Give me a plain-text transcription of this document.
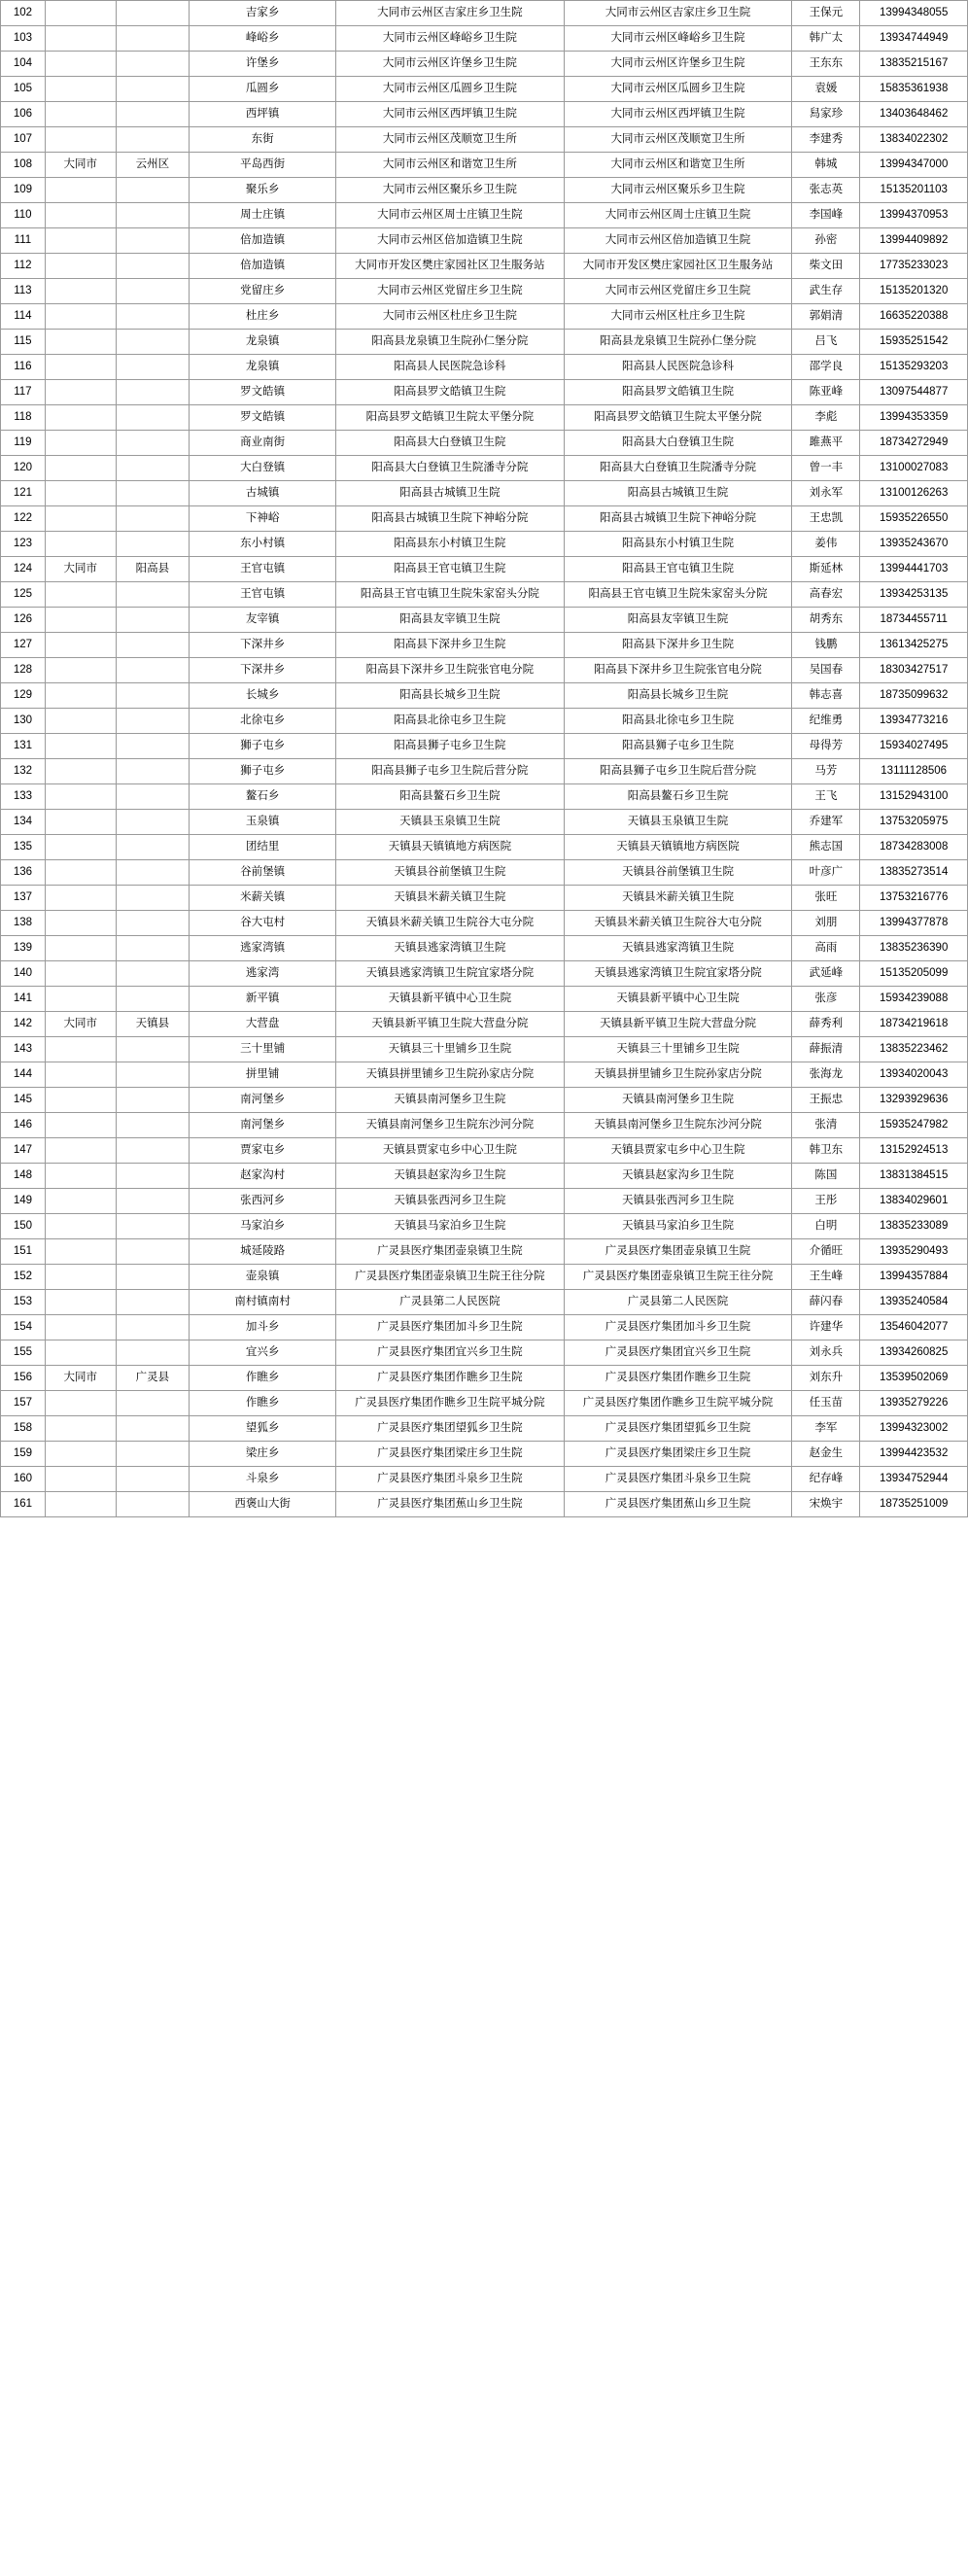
102			吉家乡	大同市云州区吉家庄乡卫生院	大同市云州区吉家庄乡卫生院	王保元	13994348055
103			峰峪乡	大同市云州区峰峪乡卫生院	大同市云州区峰峪乡卫生院	韩广太	13934744949
104			许堡乡	大同市云州区许堡乡卫生院	大同市云州区许堡乡卫生院	王东东	13835215167
105			瓜圆乡	大同市云州区瓜圆乡卫生院	大同市云州区瓜圆乡卫生院	袁媛	15835361938
106			西坪镇	大同市云州区西坪镇卫生院	大同市云州区西坪镇卫生院	舄家珍	13403648462
107			东街	大同市云州区茂顺宽卫生所	大同市云州区茂顺宽卫生所	李建秀	13834022302
108	大同市	云州区	平岛西街	大同市云州区和谐宽卫生所	大同市云州区和谐宽卫生所	韩城	13994347000
109			聚乐乡	大同市云州区聚乐乡卫生院	大同市云州区聚乐乡卫生院	张志英	15135201103
110			周士庄镇	大同市云州区周士庄镇卫生院	大同市云州区周士庄镇卫生院	李国峰	13994370953
111			倍加造镇	大同市云州区倍加造镇卫生院	大同市云州区倍加造镇卫生院	孙密	13994409892
112			倍加造镇	大同市开发区樊庄家园社区卫生服务站	大同市开发区樊庄家园社区卫生服务站	柴文田	17735233023
113			党留庄乡	大同市云州区党留庄乡卫生院	大同市云州区党留庄乡卫生院	武生存	15135201320
114			杜庄乡	大同市云州区杜庄乡卫生院	大同市云州区杜庄乡卫生院	郭娟清	16635220388
115			龙泉镇	阳高县龙泉镇卫生院孙仁堡分院	阳高县龙泉镇卫生院孙仁堡分院	吕飞	15935251542
116			龙泉镇	阳高县人民医院急诊科	阳高县人民医院急诊科	邵学良	15135293203
117			罗文皓镇	阳高县罗文皓镇卫生院	阳高县罗文皓镇卫生院	陈亚峰	13097544877
118			罗文皓镇	阳高县罗文皓镇卫生院太平堡分院	阳高县罗文皓镇卫生院太平堡分院	李彪	13994353359
119			商业南街	阳高县大白登镇卫生院	阳高县大白登镇卫生院	雎燕平	18734272949
120			大白登镇	阳高县大白登镇卫生院潘寺分院	阳高县大白登镇卫生院潘寺分院	曾一丰	13100027083
121			古城镇	阳高县古城镇卫生院	阳高县古城镇卫生院	刘永军	13100126263
122			下神峪	阳高县古城镇卫生院下神峪分院	阳高县古城镇卫生院下神峪分院	王忠凯	15935226550
123			东小村镇	阳高县东小村镇卫生院	阳高县东小村镇卫生院	姜伟	13935243670
124	大同市	阳高县	王官屯镇	阳高县王官屯镇卫生院	阳高县王官屯镇卫生院	斯延林	13994441703
125			王官屯镇	阳高县王官屯镇卫生院朱家窑头分院	阳高县王官屯镇卫生院朱家窑头分院	高春宏	13934253135
126			友宰镇	阳高县友宰镇卫生院	阳高县友宰镇卫生院	胡秀东	18734455711
127			下深井乡	阳高县下深井乡卫生院	阳高县下深井乡卫生院	钱鹏	13613425275
128			下深井乡	阳高县下深井乡卫生院张官电分院	阳高县下深井乡卫生院张官电分院	吴国春	18303427517
129			长城乡	阳高县长城乡卫生院	阳高县长城乡卫生院	韩志喜	18735099632
130			北徐屯乡	阳高县北徐屯乡卫生院	阳高县北徐屯乡卫生院	纪维勇	13934773216
131			狮子屯乡	阳高县狮子屯乡卫生院	阳高县狮子屯乡卫生院	母得芳	15934027495
132			狮子屯乡	阳高县狮子屯乡卫生院后营分院	阳高县狮子屯乡卫生院后营分院	马芳	13111128506
133			鳌石乡	阳高县鳌石乡卫生院	阳高县鳌石乡卫生院	王飞	13152943100
134			玉泉镇	天镇县玉泉镇卫生院	天镇县玉泉镇卫生院	乔建军	13753205975
135			团结里	天镇县天镇镇地方病医院	天镇县天镇镇地方病医院	熊志国	18734283008
136			谷前堡镇	天镇县谷前堡镇卫生院	天镇县谷前堡镇卫生院	叶彦广	13835273514
137			米薪关镇	天镇县米薪关镇卫生院	天镇县米薪关镇卫生院	张旺	13753216776
138			谷大屯村	天镇县米薪关镇卫生院谷大屯分院	天镇县米薪关镇卫生院谷大屯分院	刘朋	13994377878
139			逃家湾镇	天镇县逃家湾镇卫生院	天镇县逃家湾镇卫生院	高雨	13835236390
140			逃家湾	天镇县逃家湾镇卫生院宜家塔分院	天镇县逃家湾镇卫生院宜家塔分院	武延峰	15135205099
141			新平镇	天镇县新平镇中心卫生院	天镇县新平镇中心卫生院	张彦	15934239088
142	大同市	天镇县	大营盘	天镇县新平镇卫生院大营盘分院	天镇县新平镇卫生院大营盘分院	薛秀利	18734219618
143			三十里铺	天镇县三十里铺乡卫生院	天镇县三十里铺乡卫生院	薛振清	13835223462
144			拼里铺	天镇县拼里铺乡卫生院孙家店分院	天镇县拼里铺乡卫生院孙家店分院	张海龙	13934020043
145			南河堡乡	天镇县南河堡乡卫生院	天镇县南河堡乡卫生院	王振忠	13293929636
146			南河堡乡	天镇县南河堡乡卫生院东沙河分院	天镇县南河堡乡卫生院东沙河分院	张清	15935247982
147			贾家屯乡	天镇县贾家屯乡中心卫生院	天镇县贾家屯乡中心卫生院	韩卫东	13152924513
148			赵家沟村	天镇县赵家沟乡卫生院	天镇县赵家沟乡卫生院	陈国	13831384515
149			张西河乡	天镇县张西河乡卫生院	天镇县张西河乡卫生院	王彤	13834029601
150			马家泊乡	天镇县马家泊乡卫生院	天镇县马家泊乡卫生院	白明	13835233089
151			城延陵路	广灵县医疗集团壶泉镇卫生院	广灵县医疗集团壶泉镇卫生院	介循旺	13935290493
152			壶泉镇	广灵县医疗集团壶泉镇卫生院王往分院	广灵县医疗集团壶泉镇卫生院王往分院	王生峰	13994357884
153			南村镇南村	广灵县第二人民医院	广灵县第二人民医院	薛闪春	13935240584
154			加斗乡	广灵县医疗集团加斗乡卫生院	广灵县医疗集团加斗乡卫生院	许建华	13546042077
155			宜兴乡	广灵县医疗集团宜兴乡卫生院	广灵县医疗集团宜兴乡卫生院	刘永兵	13934260825
156	大同市	广灵县	作瞧乡	广灵县医疗集团作瞧乡卫生院	广灵县医疗集团作瞧乡卫生院	刘东升	13539502069
157			作瞧乡	广灵县医疗集团作瞧乡卫生院平城分院	广灵县医疗集团作瞧乡卫生院平城分院	任玉苗	13935279226
158			望狐乡	广灵县医疗集团望狐乡卫生院	广灵县医疗集团望狐乡卫生院	李军	13994323002
159			梁庄乡	广灵县医疗集团梁庄乡卫生院	广灵县医疗集团梁庄乡卫生院	赵金生	13994423532
160			斗泉乡	广灵县医疗集团斗泉乡卫生院	广灵县医疗集团斗泉乡卫生院	纪存峰	13934752944
161			西褒山大街	广灵县医疗集团蕉山乡卫生院	广灵县医疗集团蕉山乡卫生院	宋焕宇	18735251009
